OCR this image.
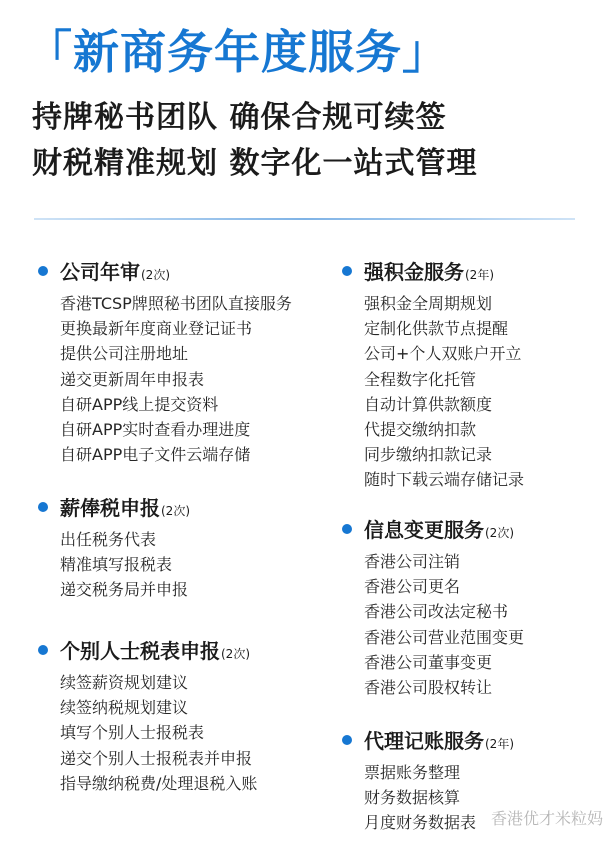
「新商务年度服务」
持牌秘书团队 确保合规可续签
财税精准规划 数字化一站式管理
公司年审 (2次)
香港TCSP牌照秘书团队直接服务
更换最新年度商业登记证书
提供公司注册地址
递交更新周年申报表
自研APP线上提交资料
自研APP实时查看办理进度
自研APP电子文件云端存储
薪俸税申报 (2次)
出任税务代表
精准填写报税表
递交税务局并申报
个别人士税表申报 (2次)
续签薪资规划建议
续签纳税规划建议
填写个别人士报税表
递交个别人士报税表并申报
指导缴纳税费/处理退税入账
强积金服务 (2年)
强积金全周期规划
定制化供款节点提醒
公司+个人双账户开立
全程数字化托管
自动计算供款额度
代提交缴纳扣款
同步缴纳扣款记录
随时下载云端存储记录
信息变更服务 (2次)
香港公司注销
香港公司更名
香港公司改法定秘书
香港公司营业范围变更
香港公司董事变更
香港公司股权转让
代理记账服务 (2年)
票据账务整理
财务数据核算
月度财务数据表 香港优才米粒妈
